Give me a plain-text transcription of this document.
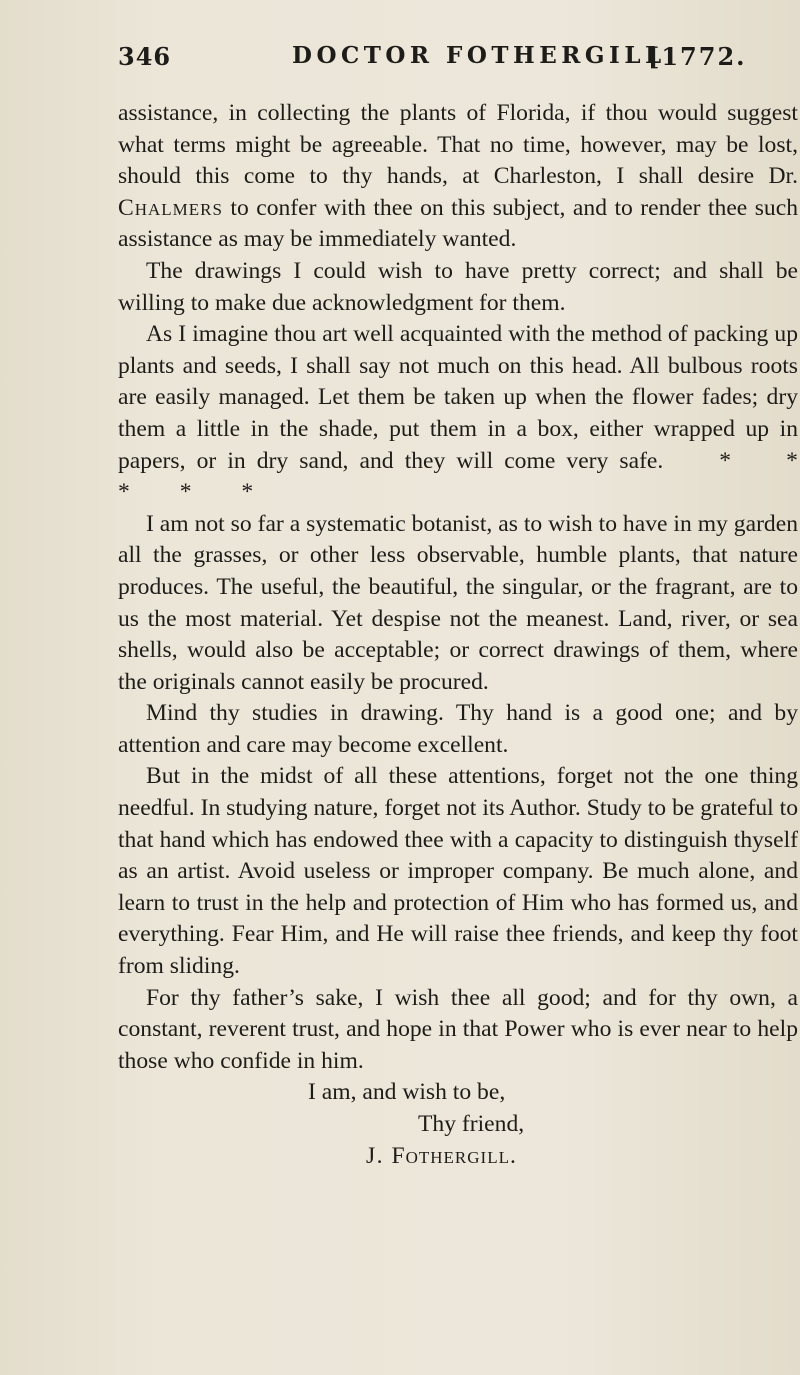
346	DOCTOR FOTHERGILL
[1772.

assistance, in collecting the plants of Florida, if thou would suggest what terms might be agreeable. That no time, however, may be lost, should this come to thy hands, at Charleston, I shall desire Dr. Chalmers to confer with thee on this subject, and to render thee such assistance as may be immediately wanted.

The drawings I could wish to have pretty correct; and shall be willing to make due acknowledgment for them.

As I imagine thou art well acquainted with the method of packing up plants and seeds, I shall say not much on this head. All bulbous roots are easily managed. Let them be taken up when the flower fades; dry them a little in the shade, put them in a box, either wrapped up in papers, or in dry sand, and they will come very safe. * * * * *

I am not so far a systematic botanist, as to wish to have in my garden all the grasses, or other less observable, humble plants, that nature produces. The useful, the beautiful, the singular, or the fragrant, are to us the most material. Yet despise not the meanest. Land, river, or sea shells, would also be acceptable; or correct drawings of them, where the originals cannot easily be procured.

Mind thy studies in drawing. Thy hand is a good one; and by attention and care may become excellent.

But in the midst of all these attentions, forget not the one thing needful. In studying nature, forget not its Author. Study to be grateful to that hand which has endowed thee with a capacity to distinguish thyself as an artist. Avoid useless or improper company. Be much alone, and learn to trust in the help and protection of Him who has formed us, and everything. Fear Him, and He will raise thee friends, and keep thy foot from sliding.

For thy father’s sake, I wish thee all good; and for thy own, a constant, reverent trust, and hope in that Power who is ever near to help those who confide in him.

I am, and wish to be,

Thy friend,

J. Fothergill.
